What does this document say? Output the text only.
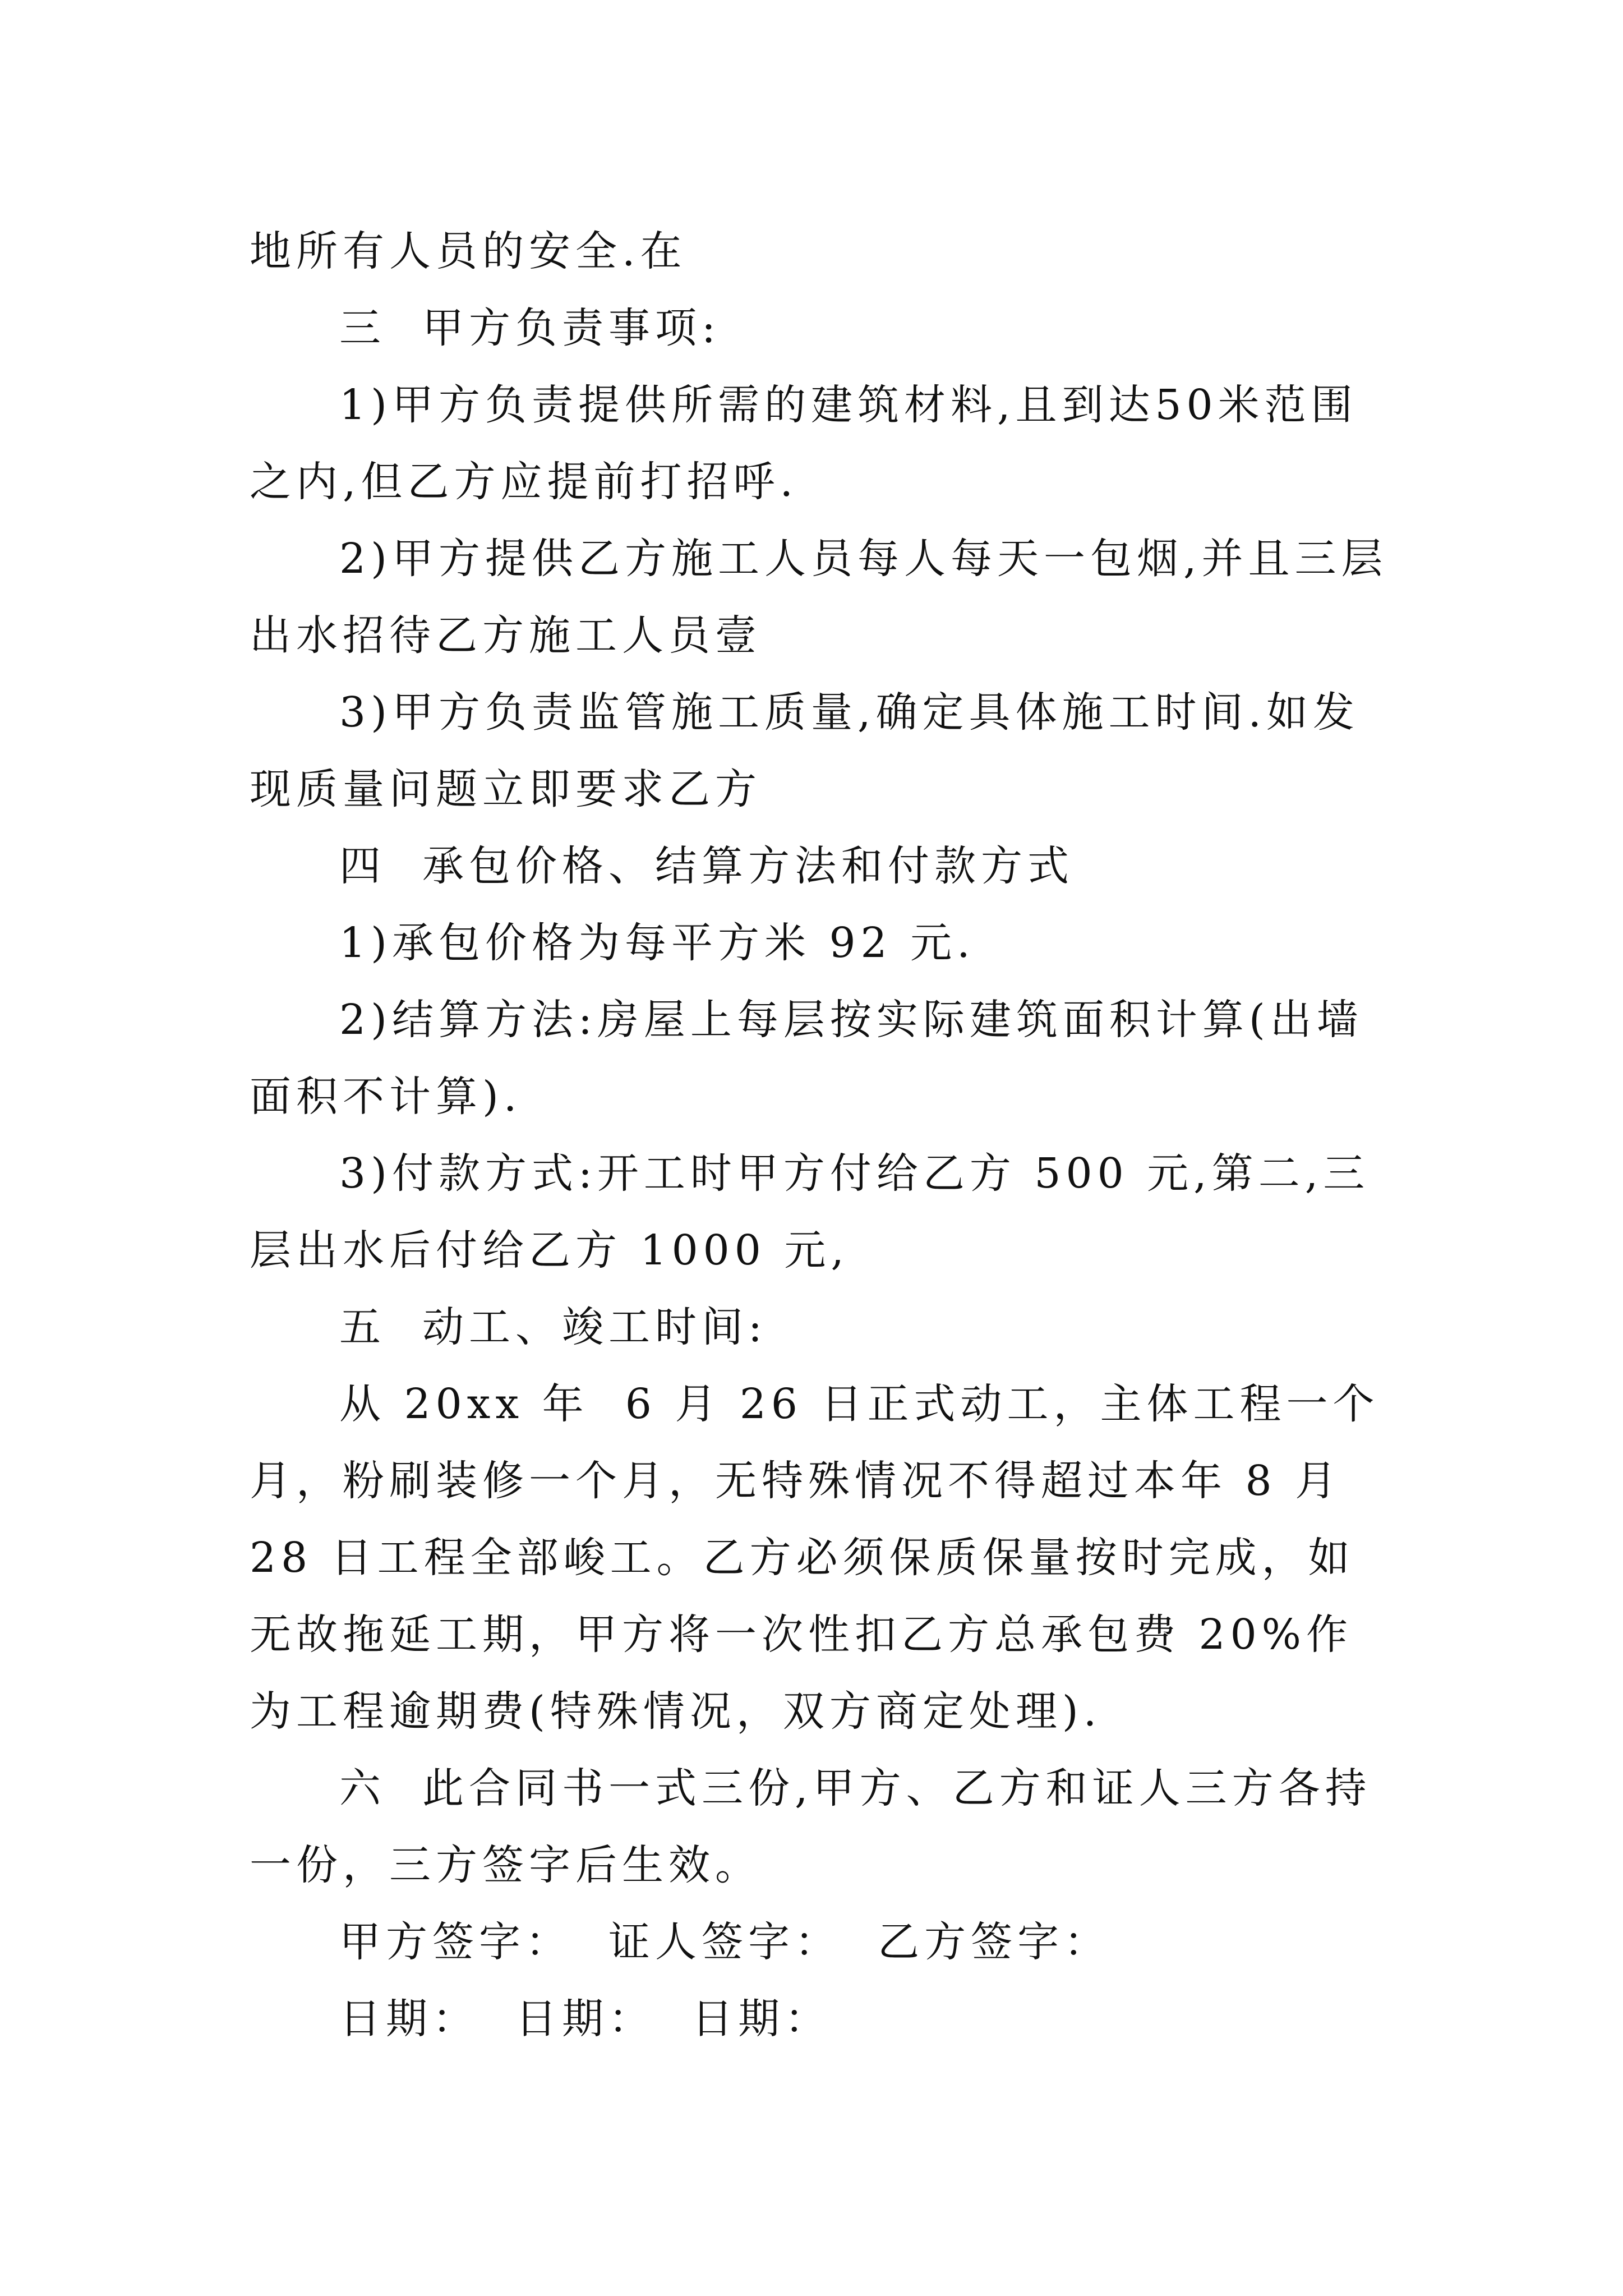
地所有人员的安全.在

三  甲方负责事项:

1)甲方负责提供所需的建筑材料,且到达50米范围之内,但乙方应提前打招呼.

2)甲方提供乙方施工人员每人每天一包烟,并且三层出水招待乙方施工人员壹

3)甲方负责监管施工质量,确定具体施工时间.如发现质量问题立即要求乙方

四  承包价格、结算方法和付款方式

1)承包价格为每平方米 92 元.

2)结算方法:房屋上每层按实际建筑面积计算(出墙面积不计算).

3)付款方式:开工时甲方付给乙方 500 元,第二,三层出水后付给乙方 1000 元,

五  动工、竣工时间:

从 20xx 年  6 月 26 日正式动工，主体工程一个月，粉刷装修一个月，无特殊情况不得超过本年 8 月 28 日工程全部峻工。乙方必须保质保量按时完成，如无故拖延工期，甲方将一次性扣乙方总承包费 20%作为工程逾期费(特殊情况，双方商定处理).

六  此合同书一式三份,甲方、乙方和证人三方各持一份，三方签字后生效。

甲方签字：  证人签字：  乙方签字：

日期：  日期：  日期：
